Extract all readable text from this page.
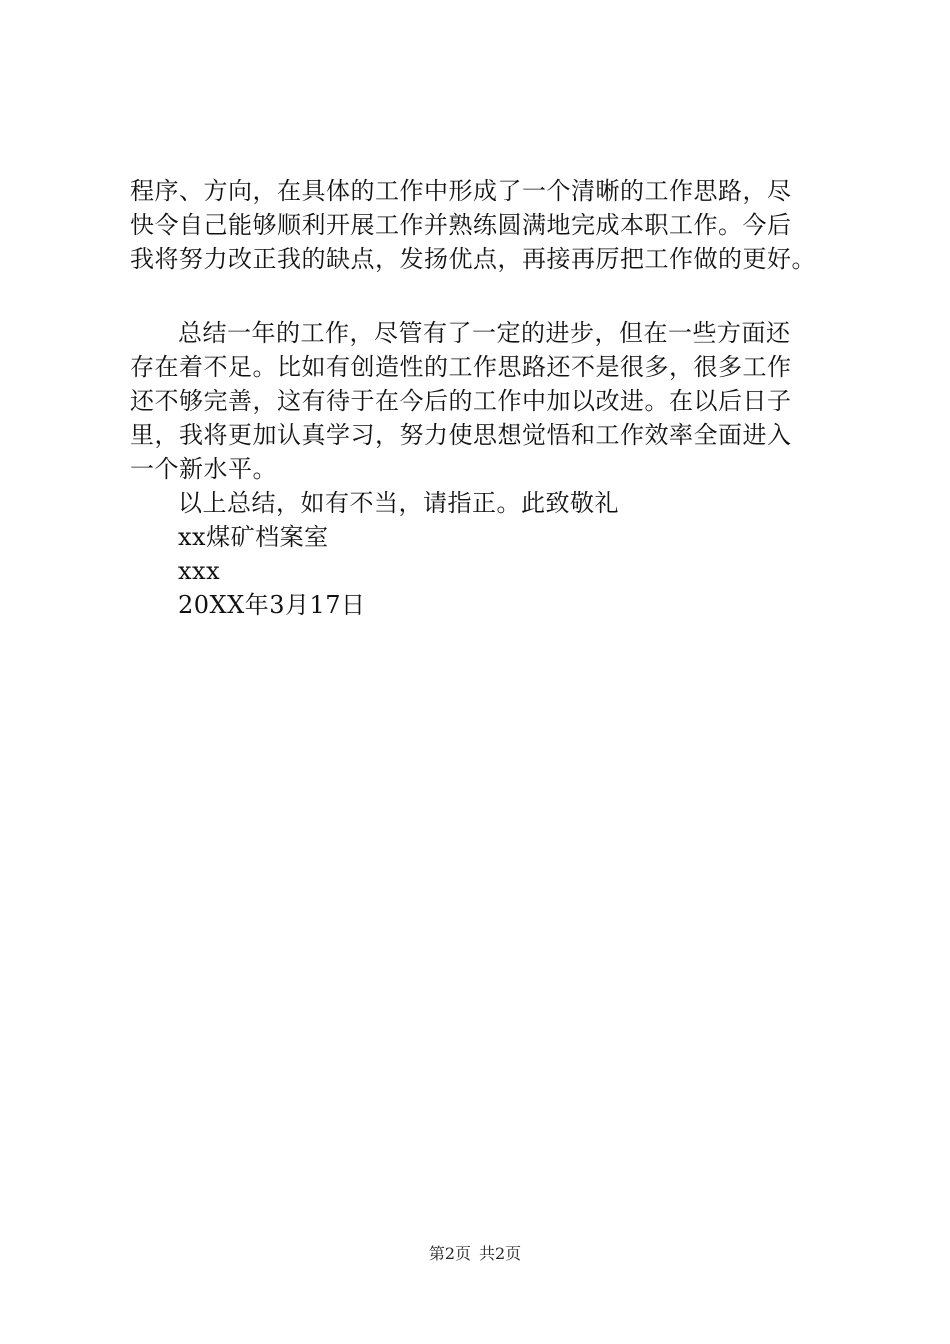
程序、方向，在具体的工作中形成了一个清晰的工作思路，尽
快令自己能够顺利开展工作并熟练圆满地完成本职工作。今后
我将努力改正我的缺点，发扬优点，再接再厉把工作做的更好。
总结一年的工作，尽管有了一定的进步，但在一些方面还
存在着不足。比如有创造性的工作思路还不是很多，很多工作
还不够完善，这有待于在今后的工作中加以改进。在以后日子
里，我将更加认真学习，努力使思想觉悟和工作效率全面进入
一个新水平。
以上总结，如有不当，请指正。此致敬礼
xx煤矿档案室
xxx
20XX年3月17日
第2页 共2页
